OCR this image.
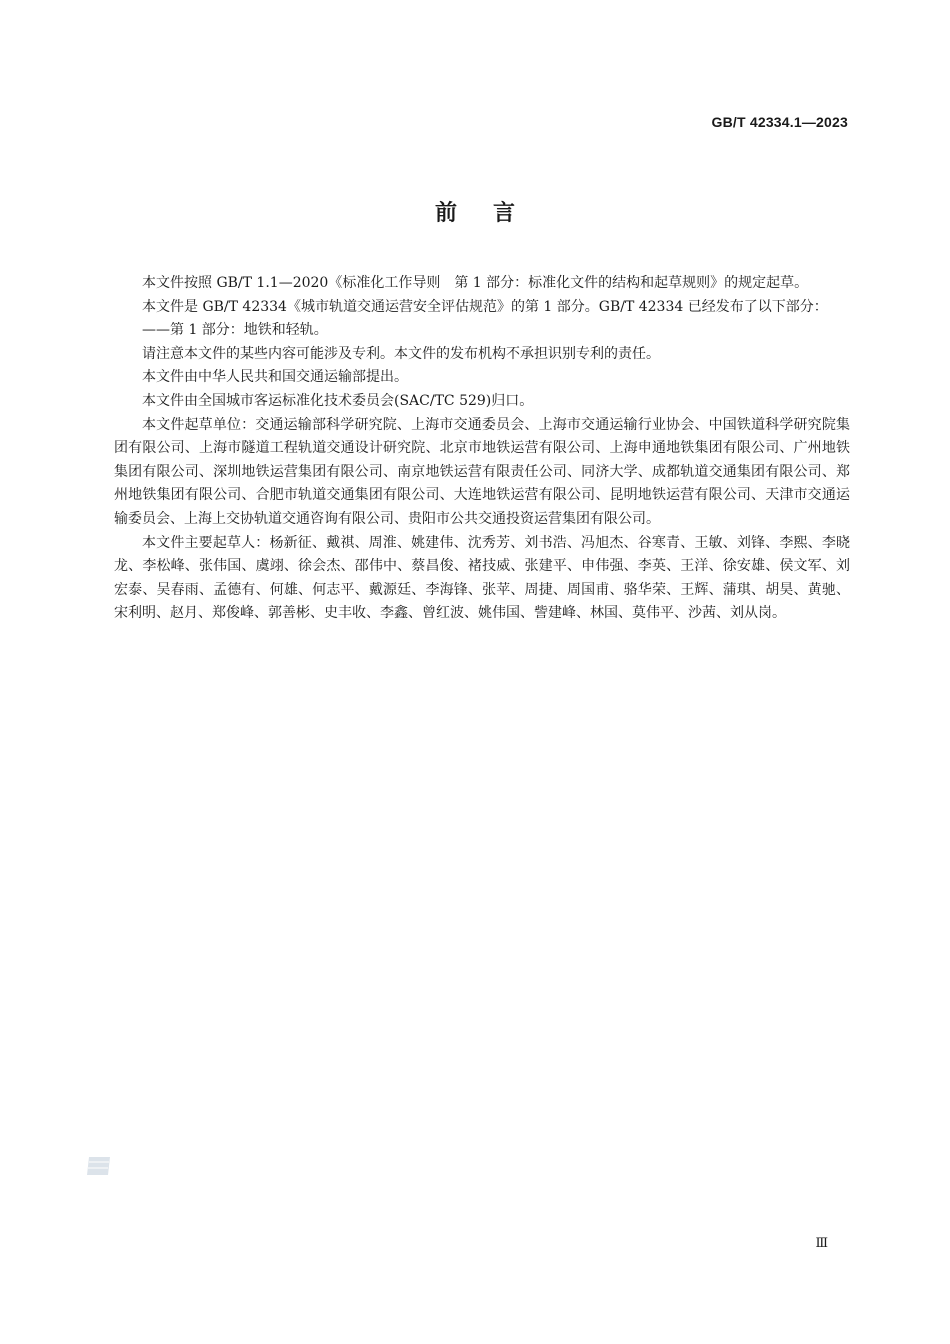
GB/T 42334.1—2023
前言

本文件按照 GB/T 1.1—2020《标准化工作导则　第 1 部分：标准化文件的结构和起草规则》的规定起草。

本文件是 GB/T 42334《城市轨道交通运营安全评估规范》的第 1 部分。GB/T 42334 已经发布了以下部分：

——第 1 部分：地铁和轻轨。

请注意本文件的某些内容可能涉及专利。本文件的发布机构不承担识别专利的责任。

本文件由中华人民共和国交通运输部提出。

本文件由全国城市客运标准化技术委员会(SAC/TC 529)归口。

本文件起草单位：交通运输部科学研究院、上海市交通委员会、上海市交通运输行业协会、中国铁道科学研究院集团有限公司、上海市隧道工程轨道交通设计研究院、北京市地铁运营有限公司、上海申通地铁集团有限公司、广州地铁集团有限公司、深圳地铁运营集团有限公司、南京地铁运营有限责任公司、同济大学、成都轨道交通集团有限公司、郑州地铁集团有限公司、合肥市轨道交通集团有限公司、大连地铁运营有限公司、昆明地铁运营有限公司、天津市交通运输委员会、上海上交协轨道交通咨询有限公司、贵阳市公共交通投资运营集团有限公司。

本文件主要起草人：杨新征、戴祺、周淮、姚建伟、沈秀芳、刘书浩、冯旭杰、谷寒青、王敏、刘锋、李熙、李晓龙、李松峰、张伟国、虞翊、徐会杰、邵伟中、蔡昌俊、褚技威、张建平、申伟强、李英、王洋、徐安雄、侯文军、刘宏泰、吴春雨、孟德有、何雄、何志平、戴源廷、李海锋、张苹、周捷、周国甫、骆华荣、王辉、蒲琪、胡昊、黄驰、宋利明、赵月、郑俊峰、郭善彬、史丰收、李鑫、曾红波、姚伟国、訾建峰、林国、莫伟平、沙茜、刘从岗。

Ⅲ
